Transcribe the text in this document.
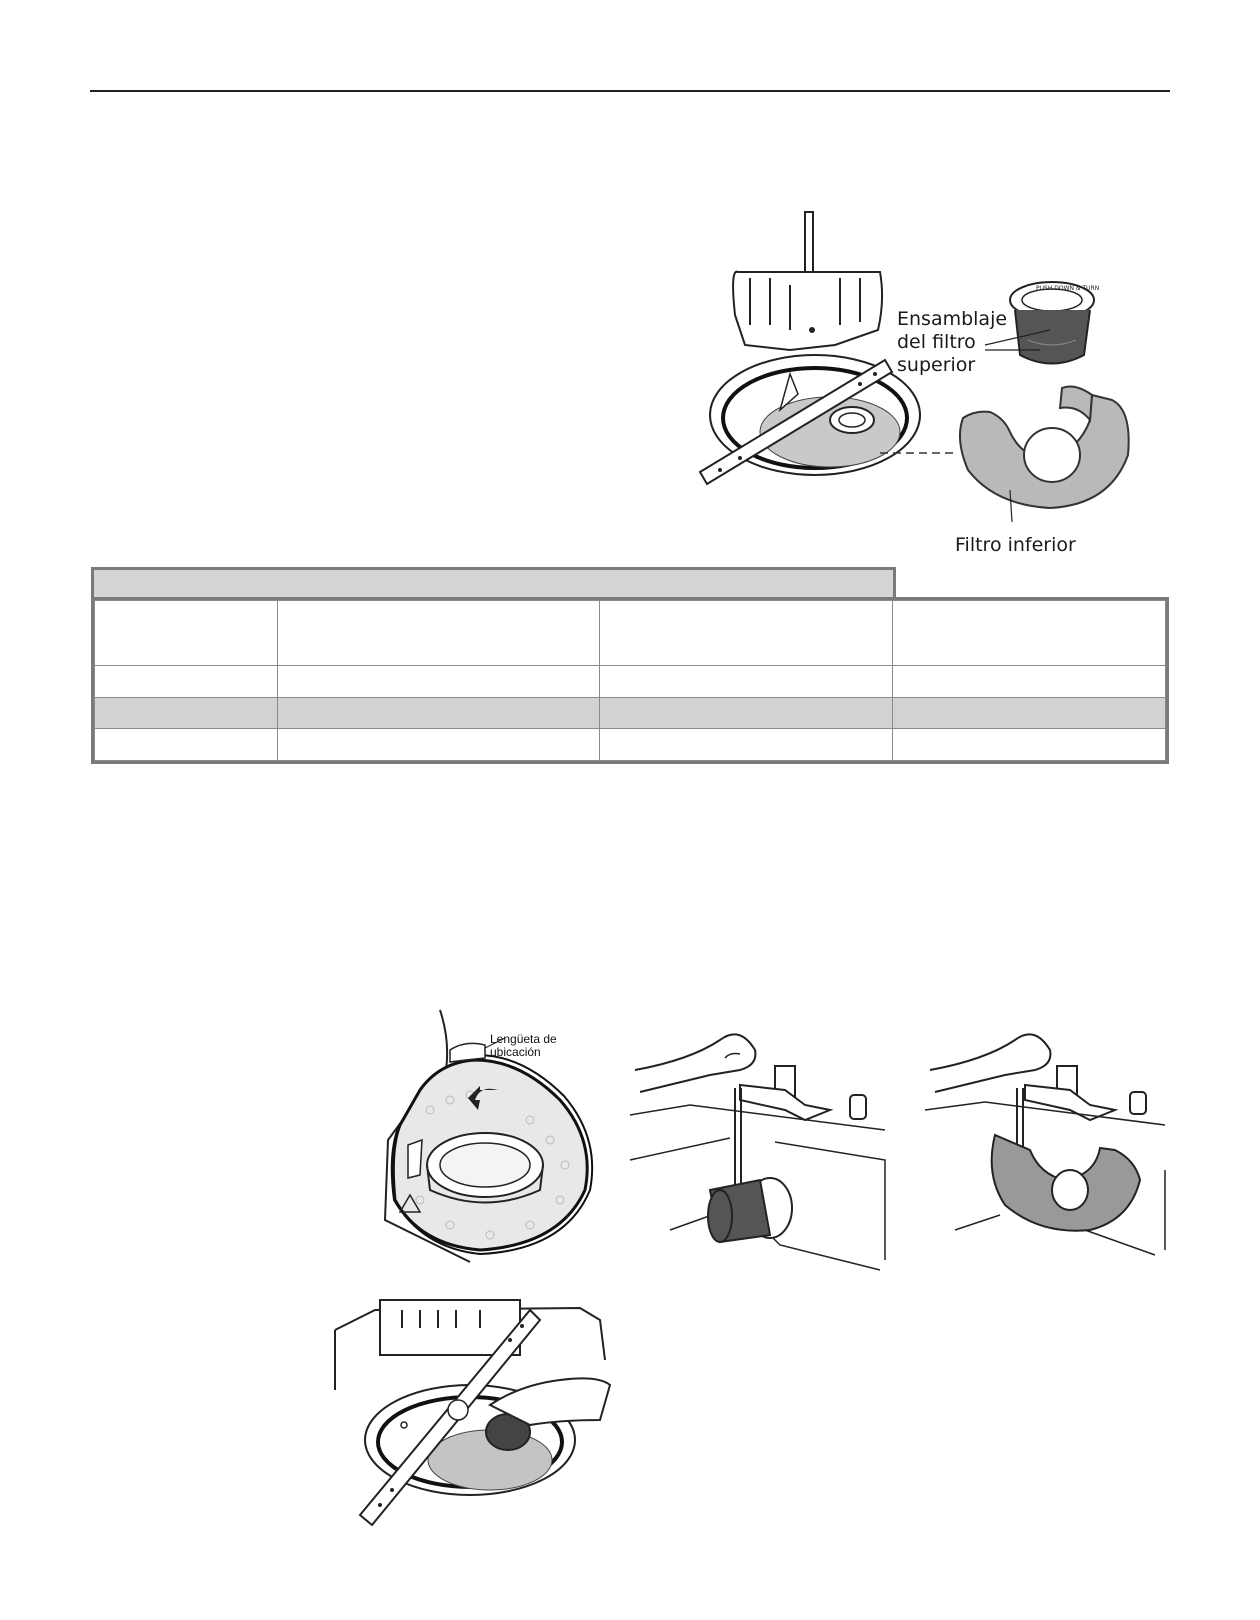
PUSH DOWN & TURN
Ensamblaje
del filtro
superior
Filtro inferior

Lengüeta de
ubicación
